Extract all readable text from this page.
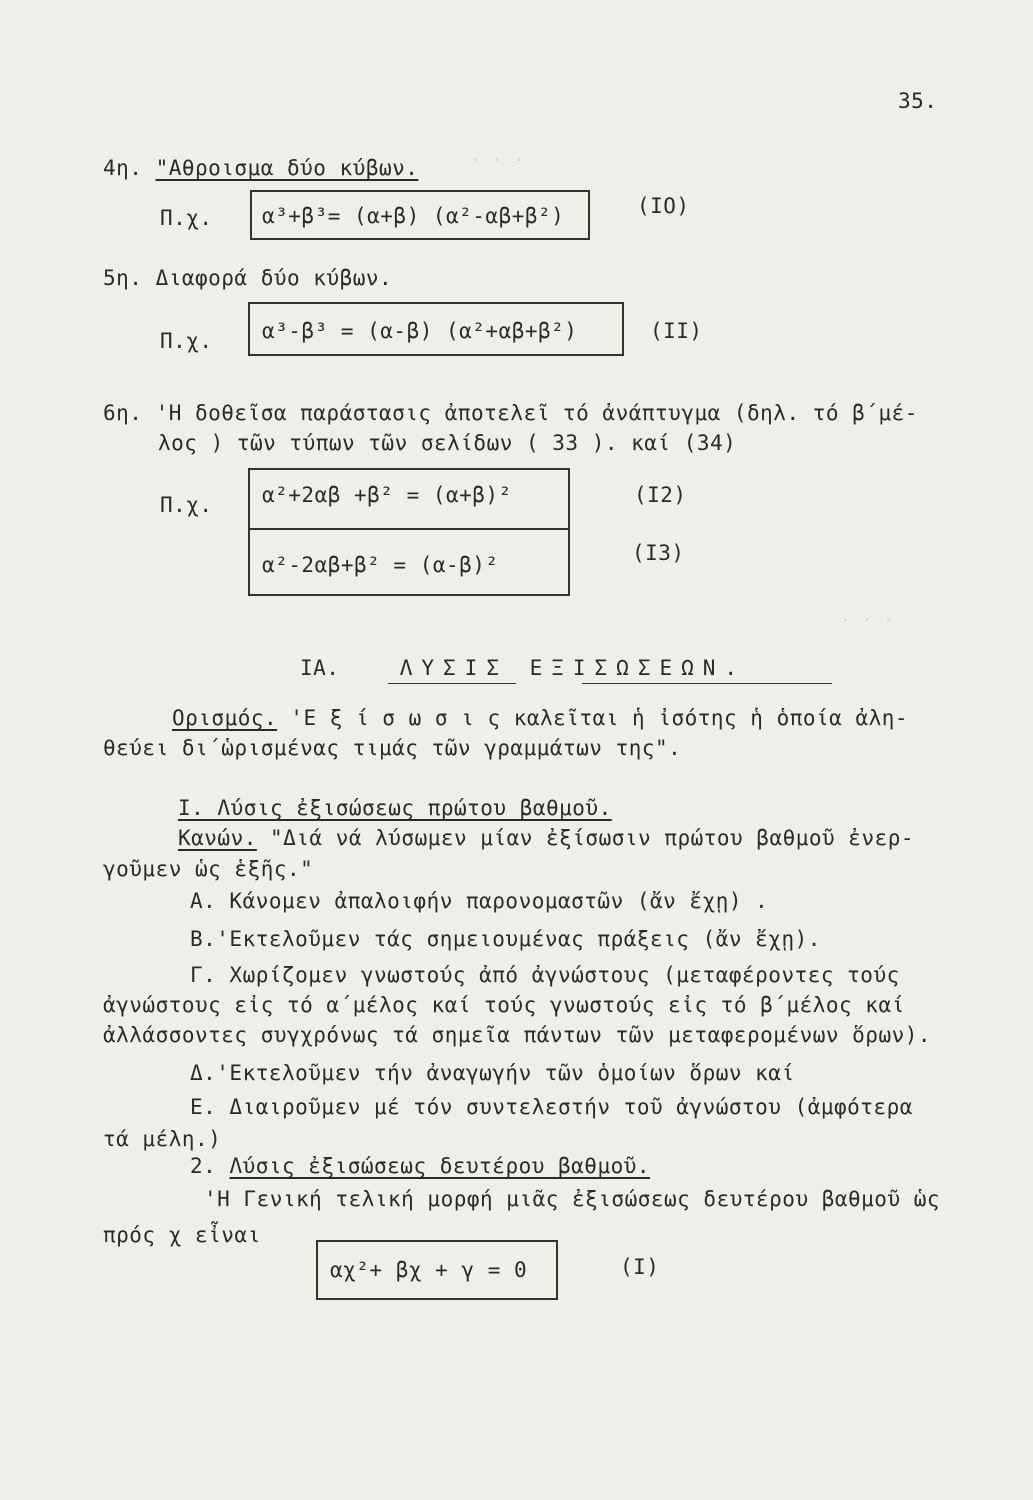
· · ·
· · ·
35.
4η. "Αθροισμα δύο κύβων.
Π.χ. α³+β³= (α+β) (α²-αβ+β²)	(ΙΟ)
5η. Διαφορά δύο κύβων.
Π.χ. α³-β³ = (α-β) (α²+αβ+β²)	(ΙΙ)
6η. 'Η δοθεῖσα παράστασις ἀποτελεῖ τό ἀνάπτυγμα (δηλ. τό β΄μέ-
λος ) τῶν τύπων τῶν σελίδων ( 33 ). καί (34)
Π.χ. α²+2αβ +β² = (α+β)²	(Ι2)
α²-2αβ+β² = (α-β)²	(Ι3)
ΙΑ.	ΛΥΣΙΣ ΕΞΙΣΩΣΕΩΝ.
Ορισμός. 'Ε ξ ί σ ω σ ι ς καλεῖται ἡ ἰσότης ἡ ὁποία ἀλη-
θεύει δι΄ὡρισμένας τιμάς τῶν γραμμάτων της".
Ι. Λύσις ἐξισώσεως πρώτου βαθμοῦ.
Κανών. "Διά νά λύσωμεν μίαν ἐξίσωσιν πρώτου βαθμοῦ ἐνερ-
γοῦμεν ὡς ἑξῆς."
Α. Κάνομεν ἀπαλοιφήν παρονομαστῶν (ἄν ἔχῃ) .
Β.'Εκτελοῦμεν τάς σημειουμένας πράξεις (ἄν ἔχῃ).
Γ. Χωρίζομεν γνωστούς ἀπό ἀγνώστους (μεταφέροντες τούς
ἀγνώστους εἰς τό α΄μέλος καί τούς γνωστούς εἰς τό β΄μέλος καί
ἀλλάσσοντες συγχρόνως τά σημεῖα πάντων τῶν μεταφερομένων ὅρων).
Δ.'Εκτελοῦμεν τήν ἀναγωγήν τῶν ὁμοίων ὅρων καί
Ε. Διαιροῦμεν μέ τόν συντελεστήν τοῦ ἀγνώστου (ἀμφότερα
τά μέλη.)
2. Λύσις ἐξισώσεως δευτέρου βαθμοῦ.
'Η Γενική τελική μορφή μιᾶς ἐξισώσεως δευτέρου βαθμοῦ ὡς
πρός χ εἶναι
αχ²+ βχ + γ = 0	(Ι)
